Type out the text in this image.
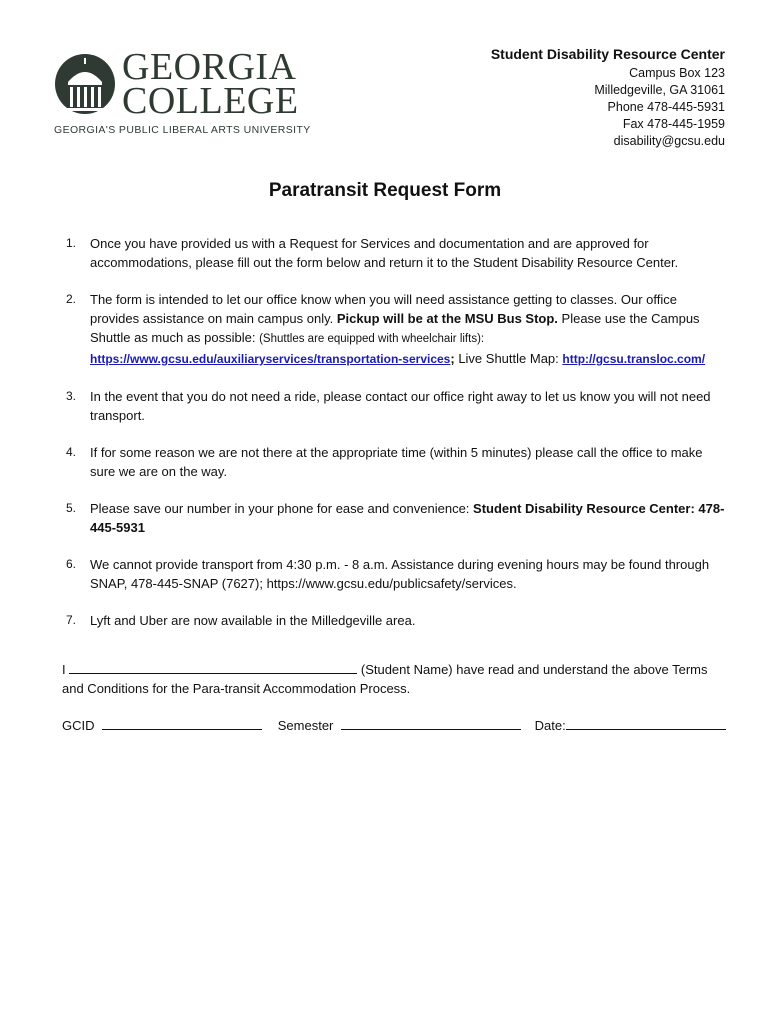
GEORGIA
COLLEGE
GEORGIA'S PUBLIC LIBERAL ARTS UNIVERSITY
Student Disability Resource Center
Campus Box 123
Milledgeville, GA 31061
Phone 478-445-5931
Fax 478-445-1959
disability@gcsu.edu
Paratransit Request Form
1. Once you have provided us with a Request for Services and documentation and are approved for accommodations, please fill out the form below and return it to the Student Disability Resource Center.
2. The form is intended to let our office know when you will need assistance getting to classes. Our office provides assistance on main campus only. Pickup will be at the MSU Bus Stop. Please use the Campus Shuttle as much as possible: (Shuttles are equipped with wheelchair lifts): https://www.gcsu.edu/auxiliaryservices/transportation-services; Live Shuttle Map: http://gcsu.transloc.com/
3. In the event that you do not need a ride, please contact our office right away to let us know you will not need transport.
4. If for some reason we are not there at the appropriate time (within 5 minutes) please call the office to make sure we are on the way.
5. Please save our number in your phone for ease and convenience: Student Disability Resource Center: 478-445-5931
6. We cannot provide transport from 4:30 p.m. - 8 a.m. Assistance during evening hours may be found through SNAP, 478-445-SNAP (7627); https://www.gcsu.edu/publicsafety/services.
7. Lyft and Uber are now available in the Milledgeville area.
I	(Student Name) have read and understand the above Terms and Conditions for the Para-transit Accommodation Process.
GCID	Semester	Date:
